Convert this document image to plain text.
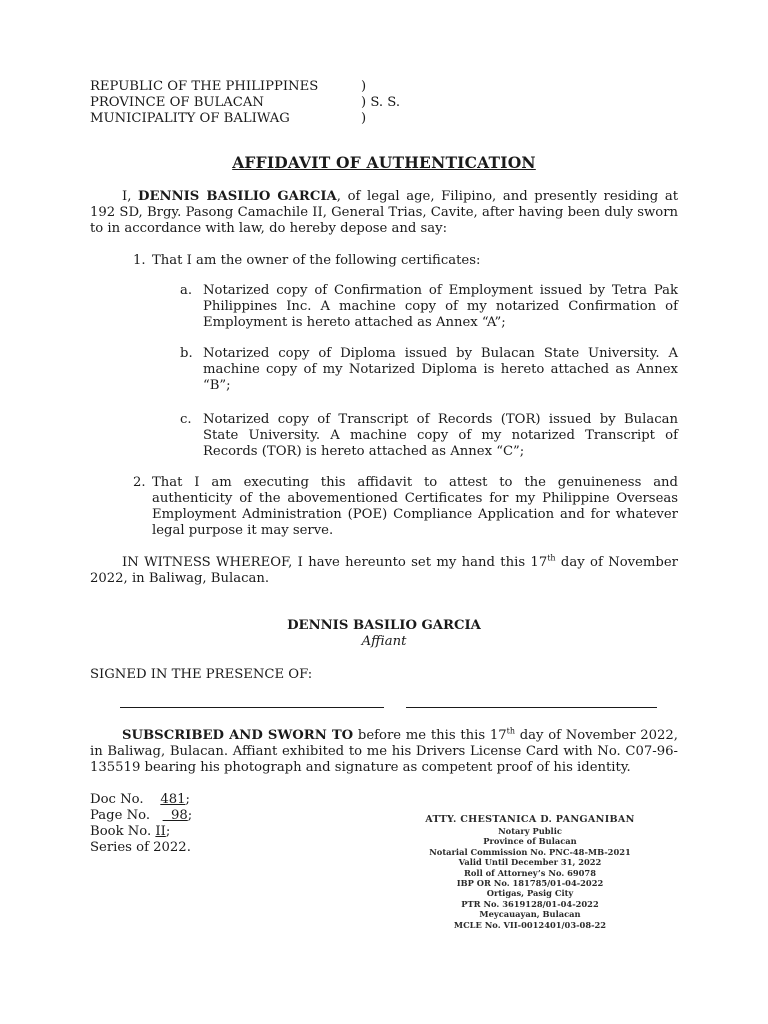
REPUBLIC OF THE PHILIPPINES	)
PROVINCE OF BULACAN	) S. S.
MUNICIPALITY OF BALIWAG	)
AFFIDAVIT OF AUTHENTICATION
I, DENNIS BASILIO GARCIA, of legal age, Filipino, and presently residing at 192 SD, Brgy. Pasong Camachile II, General Trias, Cavite, after having been duly sworn to in accordance with law, do hereby depose and say:
1. That I am the owner of the following certificates:
a. Notarized copy of Confirmation of Employment issued by Tetra Pak Philippines Inc. A machine copy of my notarized Confirmation of Employment is hereto attached as Annex “A”;
b. Notarized copy of Diploma issued by Bulacan State University. A machine copy of my Notarized Diploma is hereto attached as Annex “B”;
c. Notarized copy of Transcript of Records (TOR) issued by Bulacan State University. A machine copy of my notarized Transcript of Records (TOR) is hereto attached as Annex “C”;
2. That I am executing this affidavit to attest to the genuineness and authenticity of the abovementioned Certificates for my Philippine Overseas Employment Administration (POE) Compliance Application and for whatever legal purpose it may serve.
IN WITNESS WHEREOF, I have hereunto set my hand this 17th day of November 2022, in Baliwag, Bulacan.
DENNIS BASILIO GARCIA
Affiant
SIGNED IN THE PRESENCE OF:
SUBSCRIBED AND SWORN TO before me this this 17th day of November 2022, in Baliwag, Bulacan. Affiant exhibited to me his Drivers License Card with No. C07-96-135519 bearing his photograph and signature as competent proof of his identity.
Doc No. 481;
Page No. 98;
Book No. II;
Series of 2022.
ATTY. CHESTANICA D. PANGANIBAN
Notary Public
Province of Bulacan
Notarial Commission No. PNC-48-MB-2021
Valid Until December 31, 2022
Roll of Attorney’s No. 69078
IBP OR No. 181785/01-04-2022
Ortigas, Pasig City
PTR No. 3619128/01-04-2022
Meycauayan, Bulacan
MCLE No. VII-0012401/03-08-22
